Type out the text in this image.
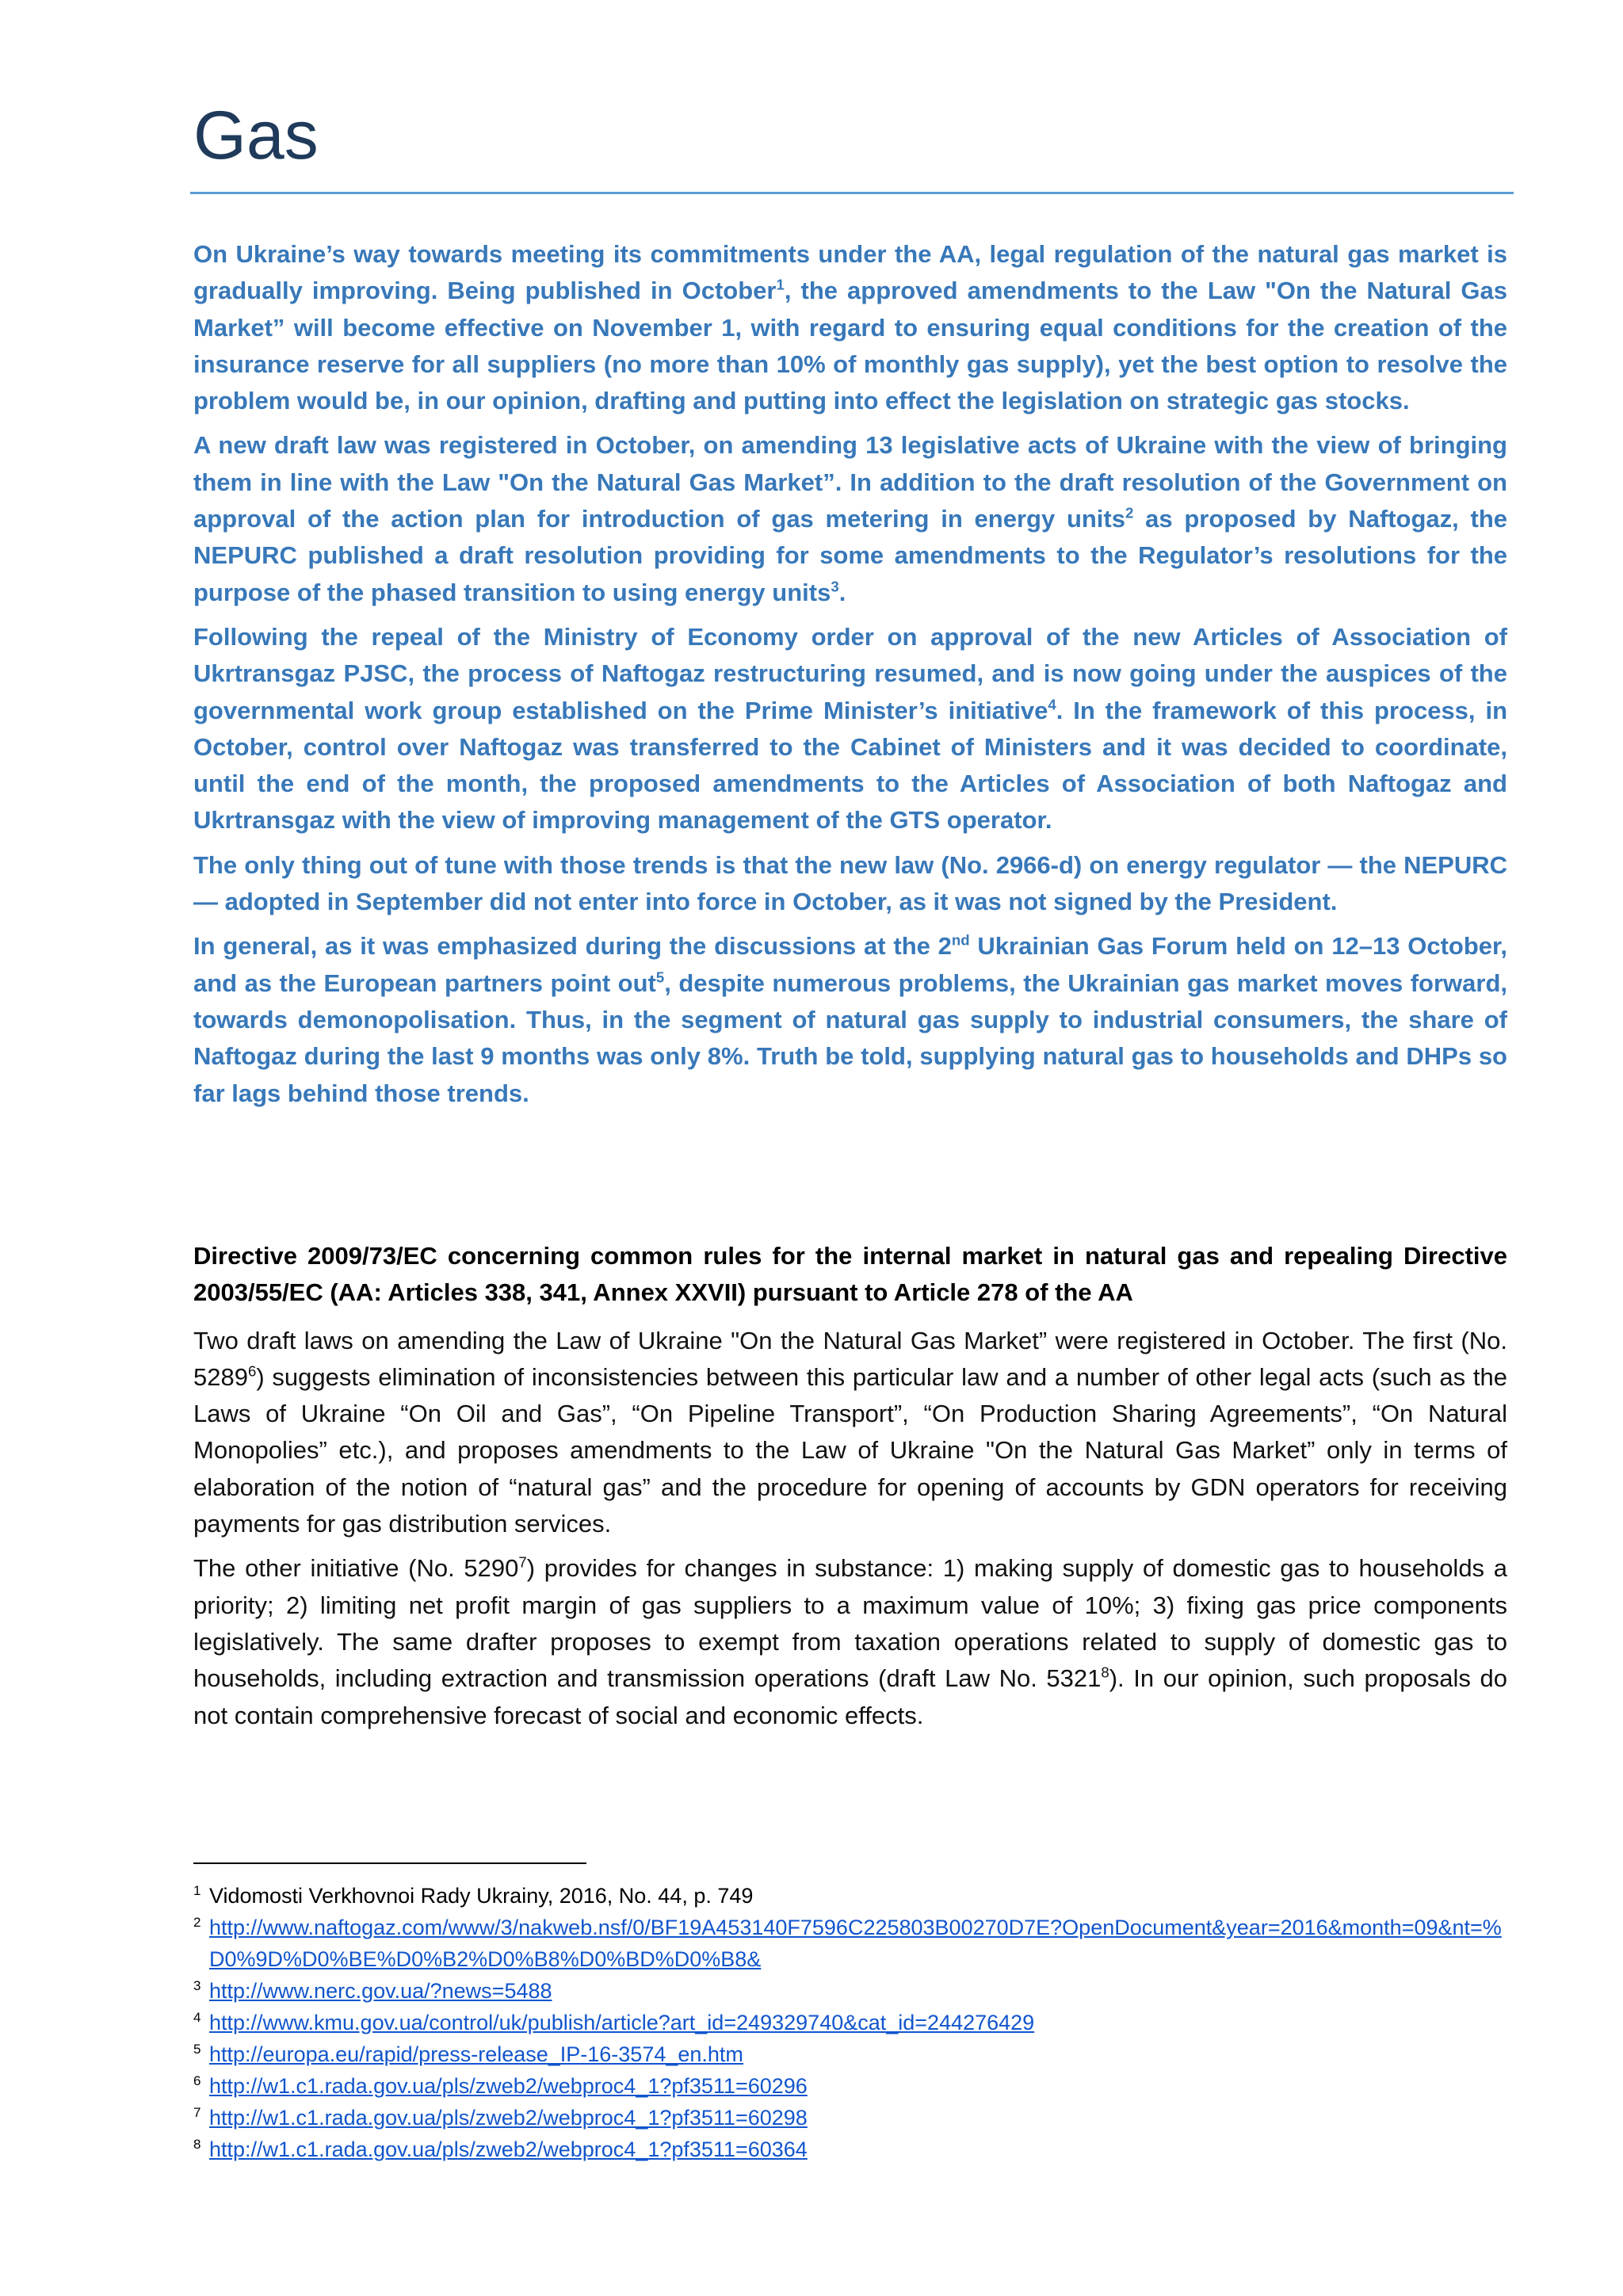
Gas

On Ukraine’s way towards meeting its commitments under the AA, legal regulation of the natural gas market is gradually improving. Being published in October$^1$, the approved amendments to the Law "On the Natural Gas Market” will become effective on November 1, with regard to ensuring equal conditions for the creation of the insurance reserve for all suppliers (no more than 10% of monthly gas supply), yet the best option to resolve the problem would be, in our opinion, drafting and putting into effect the legislation on strategic gas stocks.

A new draft law was registered in October, on amending 13 legislative acts of Ukraine with the view of bringing them in line with the Law "On the Natural Gas Market”. In addition to the draft resolution of the Government on approval of the action plan for introduction of gas metering in energy units$^2$ as proposed by Naftogaz, the NEPURC published a draft resolution providing for some amendments to the Regulator’s resolutions for the purpose of the phased transition to using energy units$^3$.

Following the repeal of the Ministry of Economy order on approval of the new Articles of Association of Ukrtransgaz PJSC, the process of Naftogaz restructuring resumed, and is now going under the auspices of the governmental work group established on the Prime Minister’s initiative$^4$. In the framework of this process, in October, control over Naftogaz was transferred to the Cabinet of Ministers and it was decided to coordinate, until the end of the month, the proposed amendments to the Articles of Association of both Naftogaz and Ukrtransgaz with the view of improving management of the GTS operator.

The only thing out of tune with those trends is that the new law (No. 2966-d) on energy regulator — the NEPURC — adopted in September did not enter into force in October, as it was not signed by the President.

In general, as it was emphasized during the discussions at the 2nd Ukrainian Gas Forum held on 12–13 October, and as the European partners point out$^5$, despite numerous problems, the Ukrainian gas market moves forward, towards demonopolisation. Thus, in the segment of natural gas supply to industrial consumers, the share of Naftogaz during the last 9 months was only 8%. Truth be told, supplying natural gas to households and DHPs so far lags behind those trends.

Directive 2009/73/EC concerning common rules for the internal market in natural gas and repealing Directive 2003/55/EC (AA: Articles 338, 341, Annex XXVII) pursuant to Article 278 of the AA

Two draft laws on amending the Law of Ukraine "On the Natural Gas Market” were registered in October. The first (No. 5289$^6$) suggests elimination of inconsistencies between this particular law and a number of other legal acts (such as the Laws of Ukraine “On Oil and Gas”, “On Pipeline Transport”, “On Production Sharing Agreements”, “On Natural Monopolies” etc.), and proposes amendments to the Law of Ukraine "On the Natural Gas Market” only in terms of elaboration of the notion of “natural gas” and the procedure for opening of accounts by GDN operators for receiving payments for gas distribution services.

The other initiative (No. 5290$^7$) provides for changes in substance: 1) making supply of domestic gas to households a priority; 2) limiting net profit margin of gas suppliers to a maximum value of 10%; 3) fixing gas price components legislatively. The same drafter proposes to exempt from taxation operations related to supply of domestic gas to households, including extraction and transmission operations (draft Law No. 5321$^8$). In our opinion, such proposals do not contain comprehensive forecast of social and economic effects.

1 Vidomosti Verkhovnoi Rady Ukrainy, 2016, No. 44, p. 749
2 http://www.naftogaz.com/www/3/nakweb.nsf/0/BF19A453140F7596C225803B00270D7E?OpenDocument&year=2016&month=09&nt=%D0%9D%D0%BE%D0%B2%D0%B8%D0%BD%D0%B8&
3 http://www.nerc.gov.ua/?news=5488
4 http://www.kmu.gov.ua/control/uk/publish/article?art_id=249329740&cat_id=244276429
5 http://europa.eu/rapid/press-release_IP-16-3574_en.htm
6 http://w1.c1.rada.gov.ua/pls/zweb2/webproc4_1?pf3511=60296
7 http://w1.c1.rada.gov.ua/pls/zweb2/webproc4_1?pf3511=60298
8 http://w1.c1.rada.gov.ua/pls/zweb2/webproc4_1?pf3511=60364
